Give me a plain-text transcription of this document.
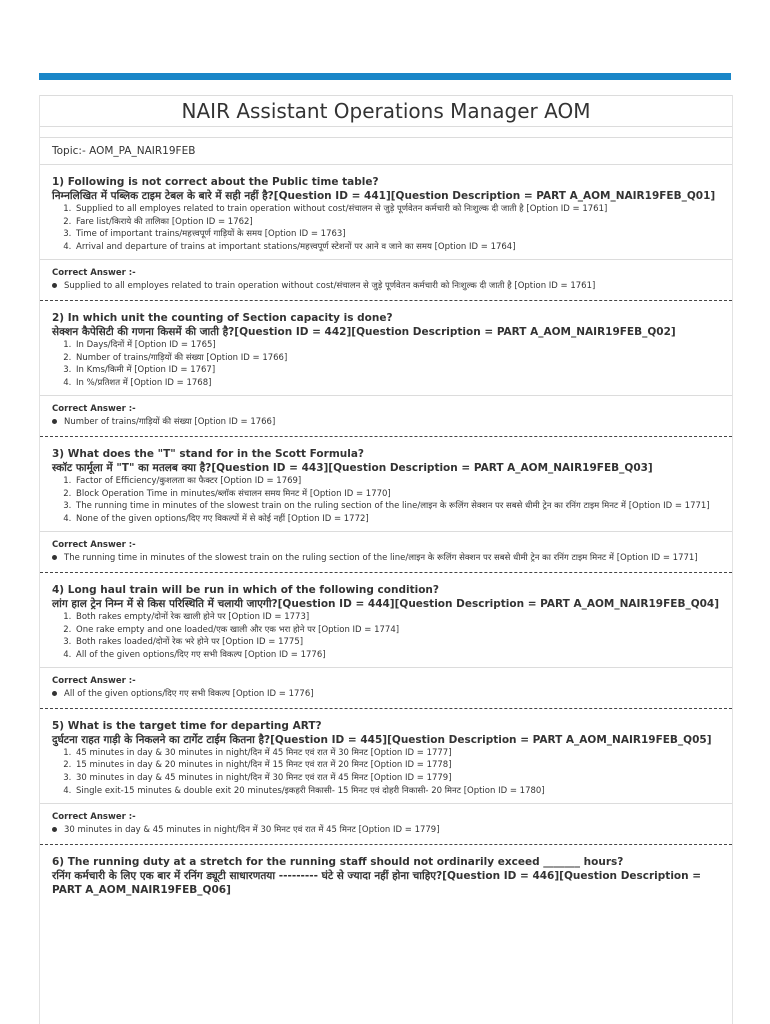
NAIR Assistant Operations Manager AOM
Topic:- AOM_PA_NAIR19FEB
1) Following is not correct about the Public time table?
निम्नलिखित में पब्लिक टाइम टेबल के बारे में सही नहीं है?[Question ID = 441][Question Description = PART A_AOM_NAIR19FEB_Q01]
1. Supplied to all employes related to train operation without cost/संचालन से जुड़े पूर्णवेतन कर्मचारी को निःशुल्क दी जाती है [Option ID = 1761]
2. Fare list/किराये की तालिका [Option ID = 1762]
3. Time of important trains/महत्त्वपूर्ण गाड़ियों के समय [Option ID = 1763]
4. Arrival and departure of trains at important stations/महत्त्वपूर्ण स्टेशनों पर आने व जाने का समय [Option ID = 1764]
Correct Answer :-
Supplied to all employes related to train operation without cost/संचालन से जुड़े पूर्णवेतन कर्मचारी को निःशुल्क दी जाती है [Option ID = 1761]
2) In which unit the counting of Section capacity is done?
सेक्शन कैपेसिटी की गणना किसमें की जाती है?[Question ID = 442][Question Description = PART A_AOM_NAIR19FEB_Q02]
1. In Days/दिनों में [Option ID = 1765]
2. Number of trains/गाड़ियों की संख्या [Option ID = 1766]
3. In Kms/किमी में [Option ID = 1767]
4. In %/प्रतिशत में [Option ID = 1768]
Correct Answer :-
Number of trains/गाड़ियों की संख्या [Option ID = 1766]
3) What does the "T" stand for in the Scott Formula?
स्कॉट फार्मूला में "T" का मतलब क्या है?[Question ID = 443][Question Description = PART A_AOM_NAIR19FEB_Q03]
1. Factor of Efficiency/कुशलता का फैक्टर [Option ID = 1769]
2. Block Operation Time in minutes/ब्लॉक संचालन समय मिनट में [Option ID = 1770]
3. The running time in minutes of the slowest train on the ruling section of the line/लाइन के रूलिंग सेक्शन पर सबसे धीमी ट्रेन का रनिंग टाइम मिनट में [Option ID = 1771]
4. None of the given options/दिए गए विकल्पों में से कोई नहीं [Option ID = 1772]
Correct Answer :-
The running time in minutes of the slowest train on the ruling section of the line/लाइन के रूलिंग सेक्शन पर सबसे धीमी ट्रेन का रनिंग टाइम मिनट में [Option ID = 1771]
4) Long haul train will be run in which of the following condition?
लांग हाल ट्रेन निम्न में से किस परिस्थिति में चलायी जाएगी?[Question ID = 444][Question Description = PART A_AOM_NAIR19FEB_Q04]
1. Both rakes empty/दोनों रेक खाली होने पर [Option ID = 1773]
2. One rake empty and one loaded/एक खाली और एक भरा होने पर [Option ID = 1774]
3. Both rakes loaded/दोनों रेक भरे होने पर [Option ID = 1775]
4. All of the given options/दिए गए सभी विकल्प [Option ID = 1776]
Correct Answer :-
All of the given options/दिए गए सभी विकल्प [Option ID = 1776]
5) What is the target time for departing ART?
दुर्घटना राहत गाड़ी के निकलने का टार्गेट टाईम कितना है?[Question ID = 445][Question Description = PART A_AOM_NAIR19FEB_Q05]
1. 45 minutes in day & 30 minutes in night/दिन में 45 मिनट एवं रात में 30 मिनट [Option ID = 1777]
2. 15 minutes in day & 20 minutes in night/दिन में 15 मिनट एवं रात में 20 मिनट [Option ID = 1778]
3. 30 minutes in day & 45 minutes in night/दिन में 30 मिनट एवं रात में 45 मिनट [Option ID = 1779]
4. Single exit-15 minutes & double exit 20 minutes/इकहरी निकासी- 15 मिनट एवं दोहरी निकासी- 20 मिनट [Option ID = 1780]
Correct Answer :-
30 minutes in day & 45 minutes in night/दिन में 30 मिनट एवं रात में 45 मिनट [Option ID = 1779]
6) The running duty at a stretch for the running staff should not ordinarily exceed _______ hours?
रनिंग कर्मचारी के लिए एक बार में रनिंग ड्यूटी साधारणतया --------- घंटे से ज्यादा नहीं होना चाहिए?[Question ID = 446][Question Description = PART A_AOM_NAIR19FEB_Q06]
